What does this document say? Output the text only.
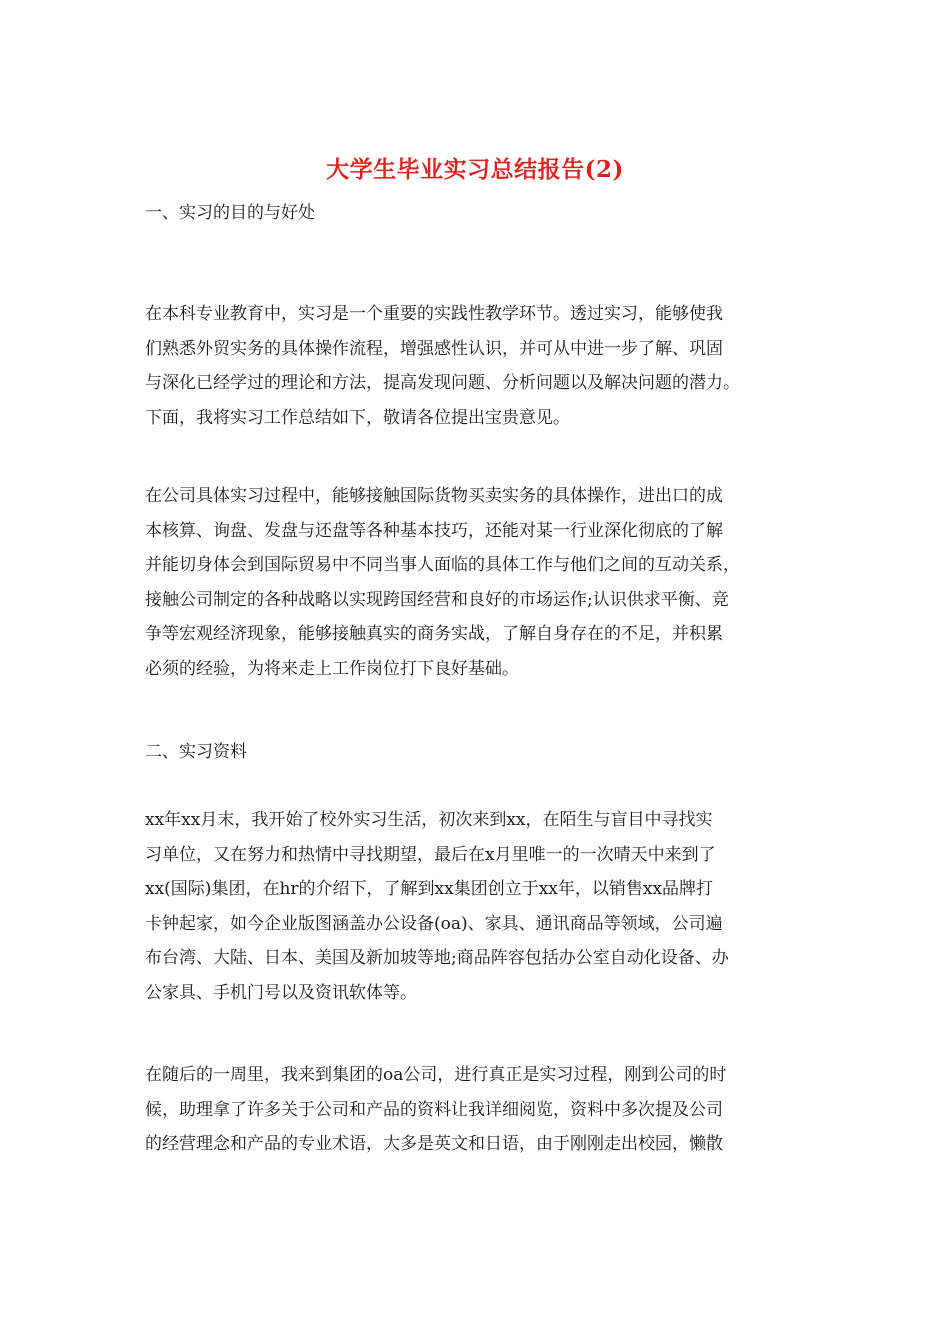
大学生毕业实习总结报告(2)

一、实习的目的与好处

在本科专业教育中，实习是一个重要的实践性教学环节。透过实习，能够使我
们熟悉外贸实务的具体操作流程，增强感性认识，并可从中进一步了解、巩固
与深化已经学过的理论和方法，提高发现问题、分析问题以及解决问题的潜力。
下面，我将实习工作总结如下，敬请各位提出宝贵意见。

在公司具体实习过程中，能够接触国际货物买卖实务的具体操作，进出口的成
本核算、询盘、发盘与还盘等各种基本技巧，还能对某一行业深化彻底的了解
并能切身体会到国际贸易中不同当事人面临的具体工作与他们之间的互动关系，
接触公司制定的各种战略以实现跨国经营和良好的市场运作;认识供求平衡、竞
争等宏观经济现象，能够接触真实的商务实战，了解自身存在的不足，并积累
必须的经验，为将来走上工作岗位打下良好基础。

二、实习资料

xx年xx月末，我开始了校外实习生活，初次来到xx，在陌生与盲目中寻找实
习单位，又在努力和热情中寻找期望，最后在x月里唯一的一次晴天中来到了
xx(国际)集团，在hr的介绍下，了解到xx集团创立于xx年，以销售xx品牌打
卡钟起家，如今企业版图涵盖办公设备(oa)、家具、通讯商品等领域，公司遍
布台湾、大陆、日本、美国及新加坡等地;商品阵容包括办公室自动化设备、办
公家具、手机门号以及资讯软体等。

在随后的一周里，我来到集团的oa公司，进行真正是实习过程，刚到公司的时
候，助理拿了许多关于公司和产品的资料让我详细阅览，资料中多次提及公司
的经营理念和产品的专业术语，大多是英文和日语，由于刚刚走出校园，懒散
